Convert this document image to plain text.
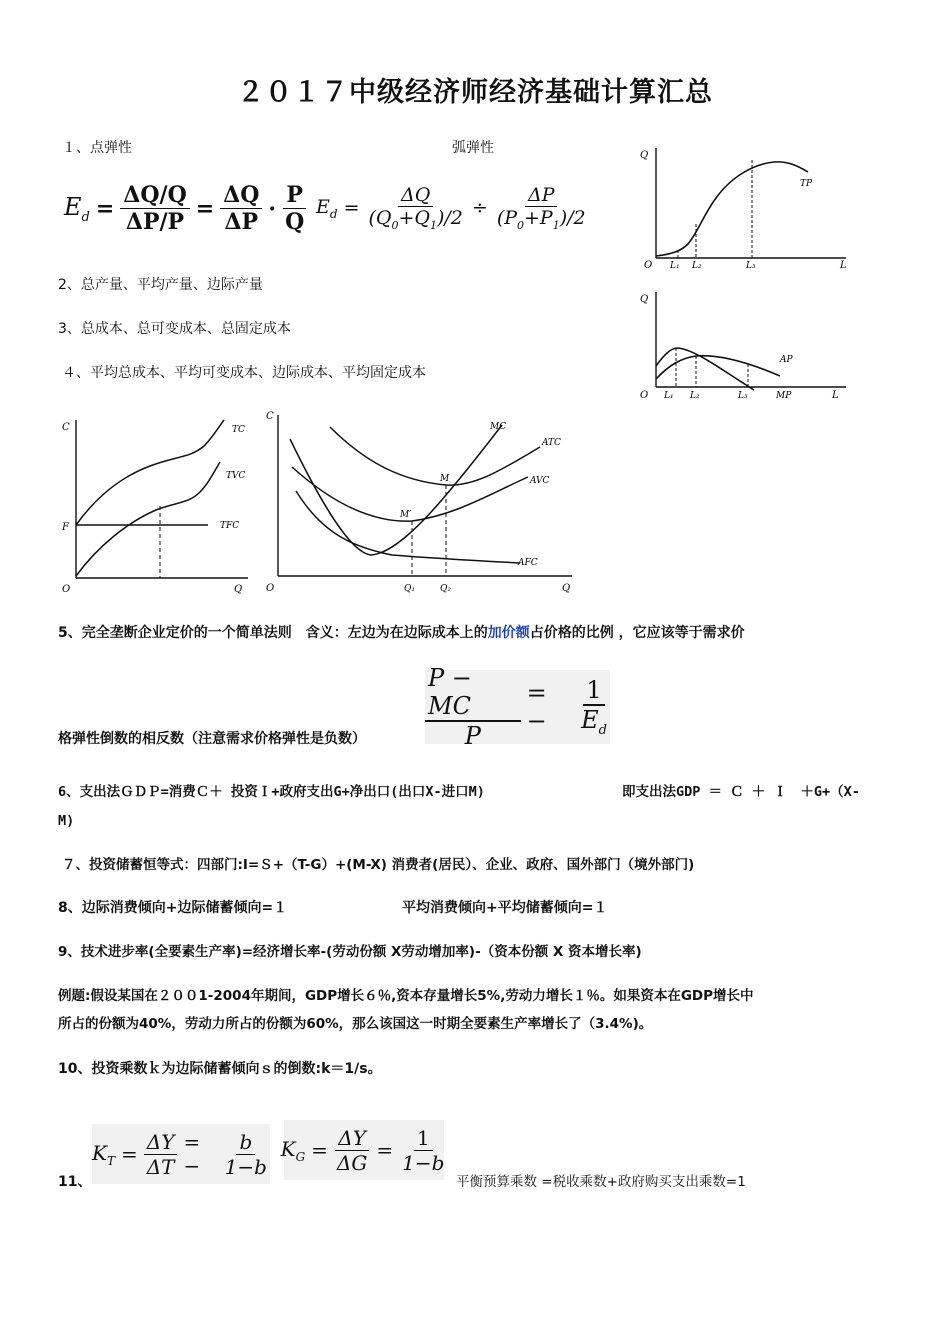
２０１７中级经济师经济基础计算汇总
１、点弹性	弧弹性
$E_d = \frac{\Delta Q/Q}{\Delta P/P} = \frac{\Delta Q}{\Delta P} \cdot \frac{P}{Q} E_d = \frac{\Delta Q}{(Q_0+Q_1)/2} \div \frac{\Delta P}{(P_0+P_1)/2}$
2、总产量、平均产量、边际产量
3、总成本、总可变成本、总固定成本
４、平均总成本、平均可变成本、边际成本、平均固定成本
Q
O	L
TP
L₁ L₂	L₃
Q
O	L
AP
MP
L₁ L₂	L₃
C
F
O	Q
TC
TVC
TFC
C
O	Q
MC
ATC
AVC
AFC
M
M′
Q₁	Q₂
5、完全垄断企业定价的一个简单法则　含义：左边为在边际成本上的加价额占价格的比例 ，它应该等于需求价
$\frac{P - MC}{P}$ = −	$\frac{1}{E_d}$
格弹性倒数的相反数（注意需求价格弹性是负数）
6、支出法ＧＤＰ=消费Ｃ＋ 投资Ｉ+政府支出G+净出口(出口X-进口M)	即支出法GDP ＝ Ｃ ＋ Ｉ　＋G+（X-
M)
７、投资储蓄恒等式：四部门:I=Ｓ+（T-G）+(M-X) 消费者(居民）、企业、政府、国外部门（境外部门)
8、边际消费倾向+边际储蓄倾向=１	平均消费倾向+平均储蓄倾向=１
9、技术进步率(全要素生产率)=经济增长率-(劳动份额 X劳动增加率)-（资本份额 X 资本增长率)
例题:假设某国在２００1-2004年期间，GDP增长６％,资本存量增长5%,劳动力增长１％。如果资本在GDP增长中
所占的份额为40%，劳动力所占的份额为60%，那么该国这一时期全要素生产率增长了（3.4%)。
10、投资乘数ｋ为边际储蓄倾向ｓ的倒数:k＝1/s。
11、
$K_T = \frac{\Delta Y}{\Delta T}$ = −	$\frac{b}{1-b} K_G = \frac{\Delta Y}{\Delta G} = \frac{1}{1-b}$
平衡预算乘数 =税收乘数+政府购买支出乘数=1
